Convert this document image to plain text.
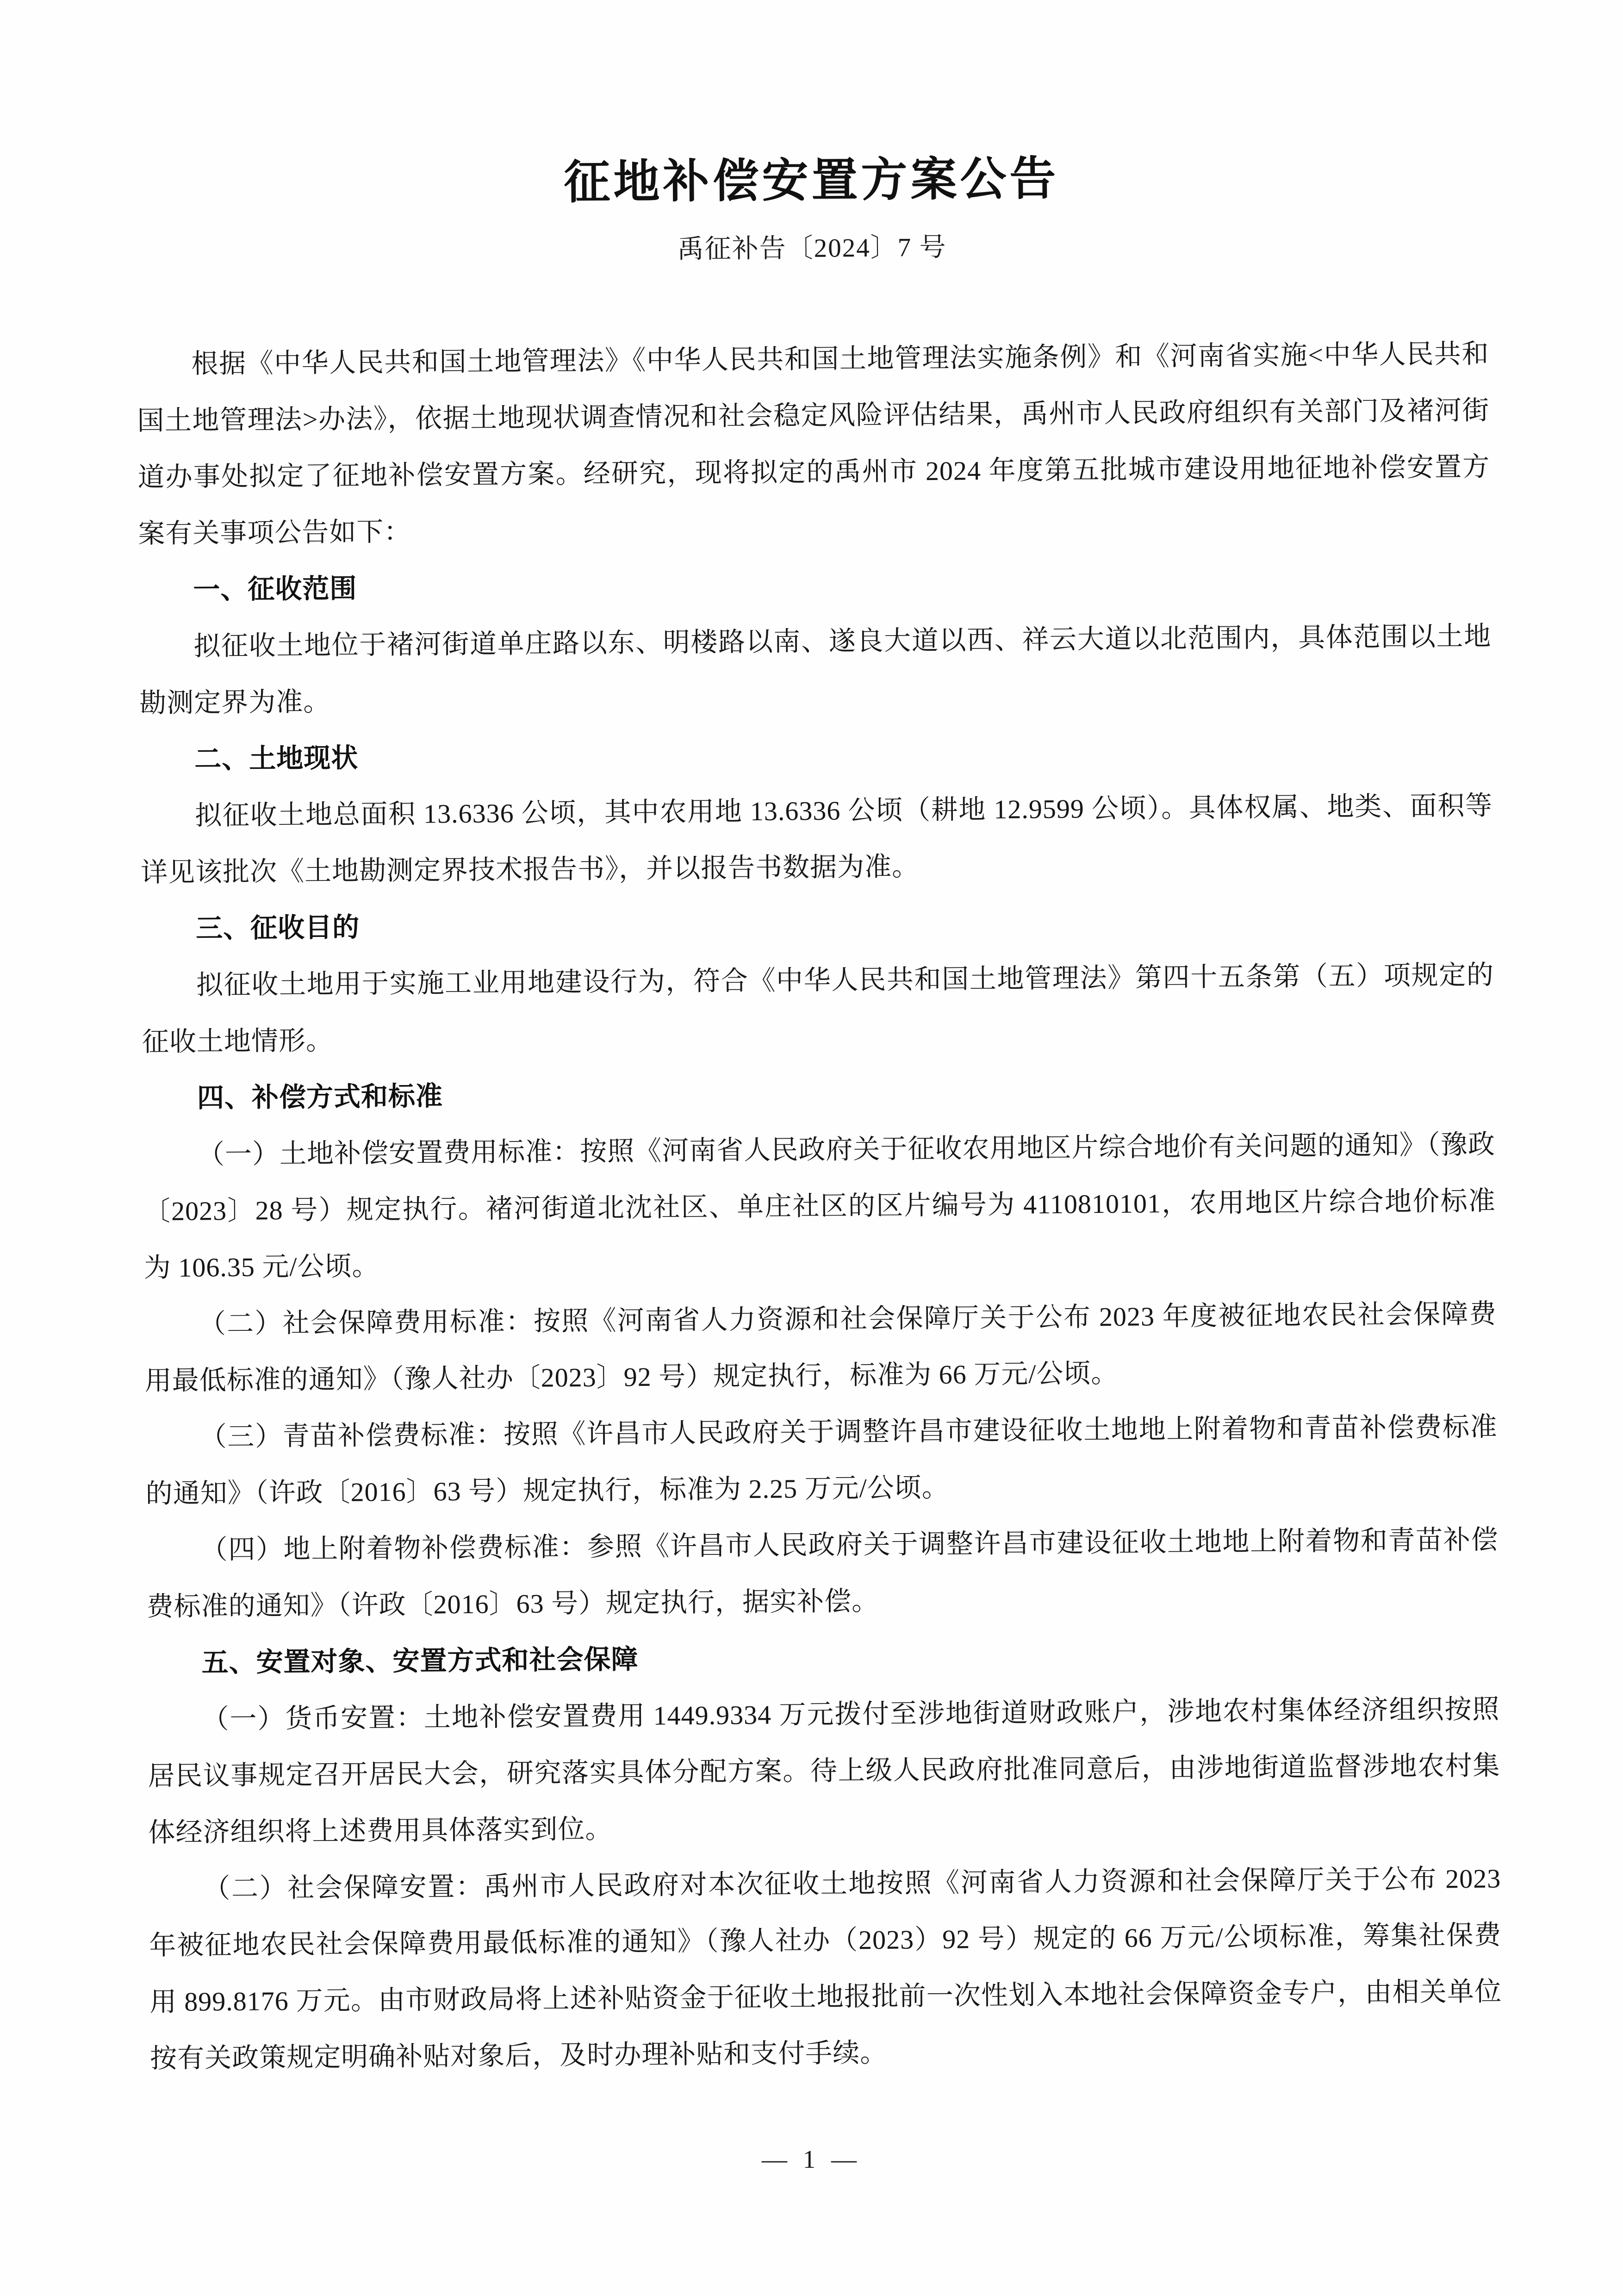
征地补偿安置方案公告
禹征补告〔2024〕7 号

根据《中华人民共和国土地管理法》《中华人民共和国土地管理法实施条例》和《河南省实施<中华人民共和国土地管理法>办法》，依据土地现状调查情况和社会稳定风险评估结果，禹州市人民政府组织有关部门及褚河街道办事处拟定了征地补偿安置方案。经研究，现将拟定的禹州市 2024 年度第五批城市建设用地征地补偿安置方案有关事项公告如下：

一、征收范围

拟征收土地位于褚河街道单庄路以东、明楼路以南、遂良大道以西、祥云大道以北范围内，具体范围以土地勘测定界为准。

二、土地现状

拟征收土地总面积 13.6336 公顷，其中农用地 13.6336 公顷（耕地 12.9599 公顷）。具体权属、地类、面积等详见该批次《土地勘测定界技术报告书》，并以报告书数据为准。

三、征收目的

拟征收土地用于实施工业用地建设行为，符合《中华人民共和国土地管理法》第四十五条第（五）项规定的征收土地情形。

四、补偿方式和标准

（一）土地补偿安置费用标准：按照《河南省人民政府关于征收农用地区片综合地价有关问题的通知》（豫政〔2023〕28 号）规定执行。褚河街道北沈社区、单庄社区的区片编号为 4110810101，农用地区片综合地价标准为 106.35 元/公顷。

（二）社会保障费用标准：按照《河南省人力资源和社会保障厅关于公布 2023 年度被征地农民社会保障费用最低标准的通知》（豫人社办〔2023〕92 号）规定执行，标准为 66 万元/公顷。

（三）青苗补偿费标准：按照《许昌市人民政府关于调整许昌市建设征收土地地上附着物和青苗补偿费标准的通知》（许政〔2016〕63 号）规定执行，标准为 2.25 万元/公顷。

（四）地上附着物补偿费标准：参照《许昌市人民政府关于调整许昌市建设征收土地地上附着物和青苗补偿费标准的通知》（许政〔2016〕63 号）规定执行，据实补偿。

五、安置对象、安置方式和社会保障

（一）货币安置：土地补偿安置费用 1449.9334 万元拨付至涉地街道财政账户，涉地农村集体经济组织按照居民议事规定召开居民大会，研究落实具体分配方案。待上级人民政府批准同意后，由涉地街道监督涉地农村集体经济组织将上述费用具体落实到位。

（二）社会保障安置：禹州市人民政府对本次征收土地按照《河南省人力资源和社会保障厅关于公布 2023 年被征地农民社会保障费用最低标准的通知》（豫人社办（2023）92 号）规定的 66 万元/公顷标准，筹集社保费用 899.8176 万元。由市财政局将上述补贴资金于征收土地报批前一次性划入本地社会保障资金专户，由相关单位按有关政策规定明确补贴对象后，及时办理补贴和支付手续。

— 1 —
